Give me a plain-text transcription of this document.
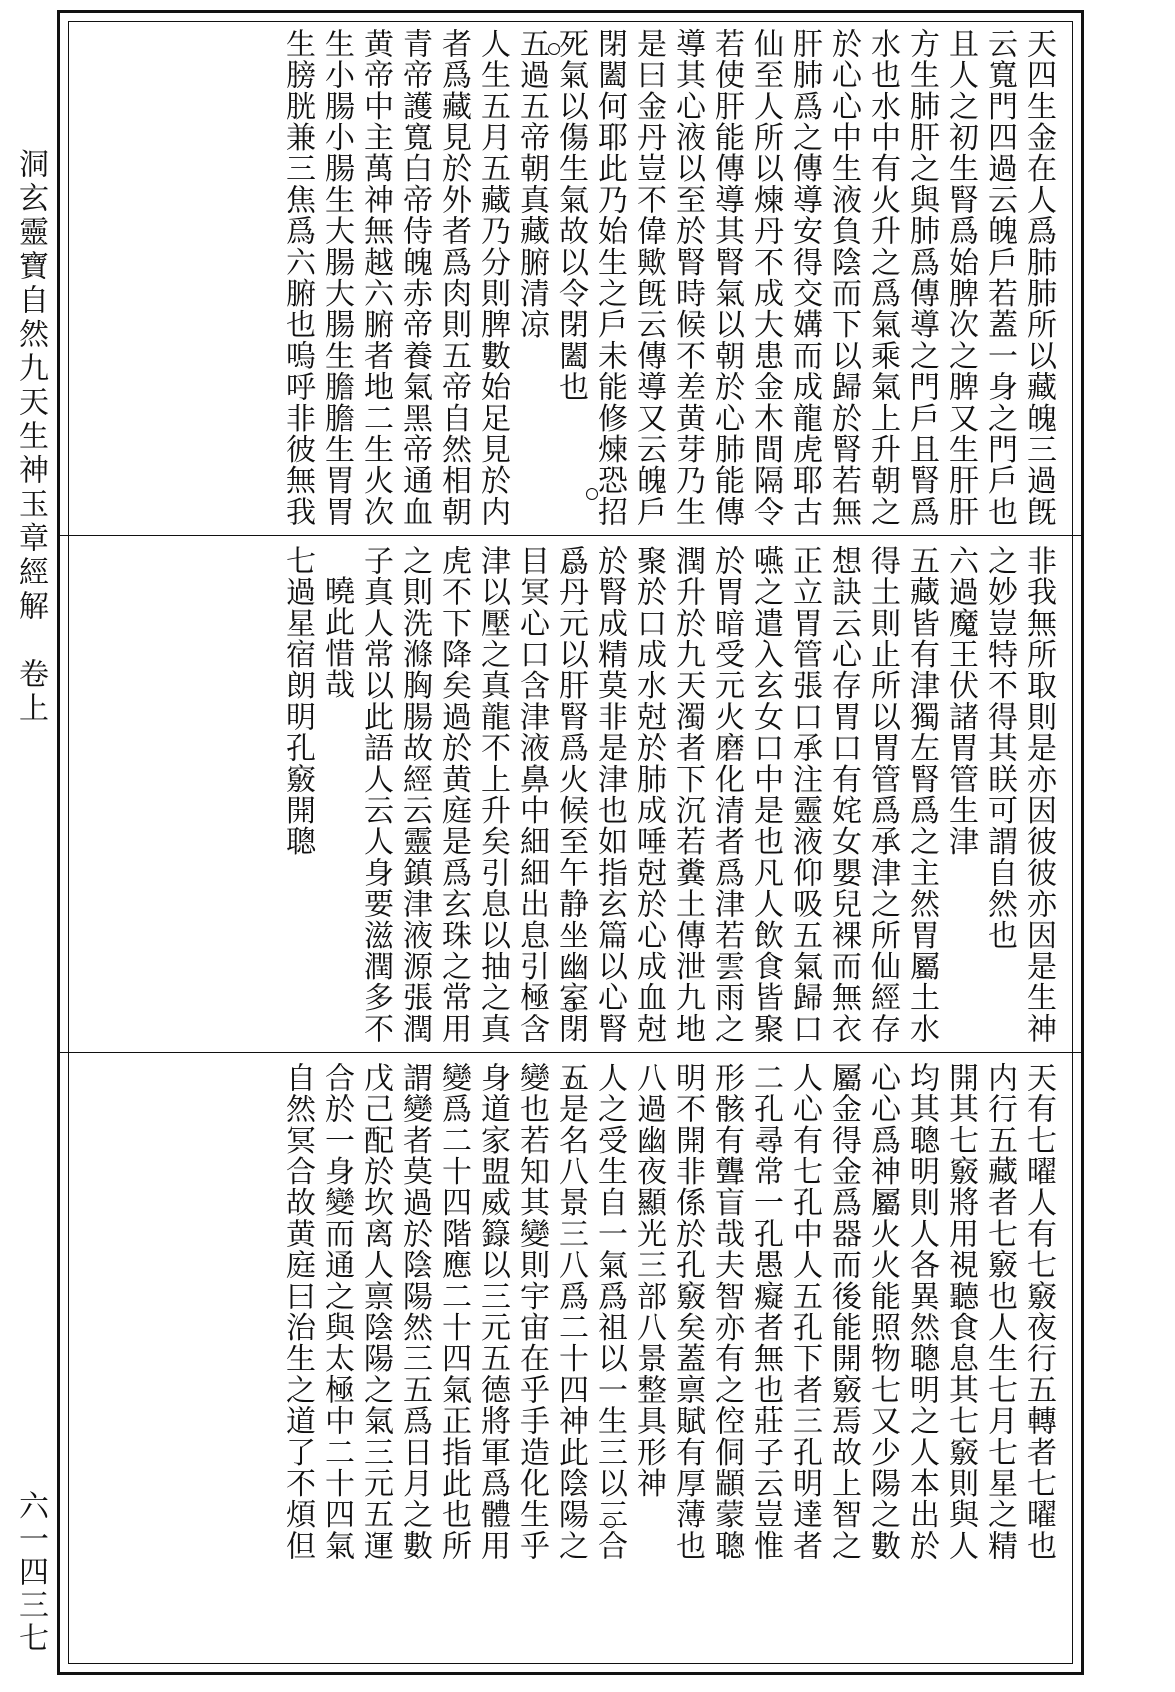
洞玄靈寶自然九天生神玉章經解　卷上
六一四三七
天四生金在人爲肺肺所以藏魄三過旣
云寬門四過云魄戶若蓋一身之門戶也
且人之初生腎爲始脾次之脾又生肝肝
方生肺肝之與肺爲傳導之門戶且腎爲
水也水中有火升之爲氣乘氣上升朝之
於心心中生液負陰而下以歸於腎若無
肝肺爲之傳導安得交媾而成龍虎耶古
仙至人所以煉丹不成大患金木間隔令
若使肝能傳導其腎氣以朝於心肺能傳
導其心液以至於腎時候不差黄芽乃生
是曰金丹豈不偉歟旣云傳導又云魄戶
閉闔何耶此乃始生之戶未能修煉恐招
死氣以傷生氣故以令閉闔也
五過五帝朝真藏腑清凉
人生五月五藏乃分則脾數始足見於内
者爲藏見於外者爲肉則五帝自然相朝
青帝護寬白帝侍魄赤帝養氣黑帝通血
黄帝中主萬神無越六腑者地二生火次
生小腸小腸生大腸大腸生膽膽生胃胃
生膀胱兼三焦爲六腑也嗚呼非彼無我
非我無所取則是亦因彼彼亦因是生神
之妙豈特不得其眹可謂自然也
六過魔王伏諸胃管生津
五藏皆有津獨左腎爲之主然胃屬土水
得土則止所以胃管爲承津之所仙經存
想訣云心存胃口有姹女嬰兒裸而無衣
正立胃管張口承注靈液仰吸五氣歸口
嚥之遣入玄女口中是也凡人飲食皆聚
於胃暗受元火磨化清者爲津若雲雨之
潤升於九天濁者下沉若糞土傳泄九地
聚於口成水尅於肺成唾尅於心成血尅
於腎成精莫非是津也如指玄篇以心腎
爲丹元以肝腎爲火候至午静坐幽室閉
目冥心口含津液鼻中細細出息引極含
津以壓之真龍不上升矣引息以抽之真
虎不下降矣過於黄庭是爲玄珠之常用
之則洗滌胸腸故經云靈鎮津液源張潤
子真人常以此語人云人身要滋潤多不
曉此惜哉
七過星宿朗明孔竅開聰
天有七曜人有七竅夜行五轉者七曜也
内行五藏者七竅也人生七月七星之精
開其七竅將用視聽食息其七竅則與人
均其聰明則人各異然聰明之人本出於
心心爲神屬火火能照物七又少陽之數
屬金得金爲器而後能開竅焉故上智之
人心有七孔中人五孔下者三孔明達者
二孔尋常一孔愚癡者無也莊子云豈惟
形骸有聾盲哉夫智亦有之倥侗顓蒙聰
明不開非係於孔竅矣蓋禀賦有厚薄也
八過幽夜顯光三部八景整具形神
人之受生自一氣爲祖以一生三以三合
五是名八景三八爲二十四神此陰陽之
變也若知其變則宇宙在乎手造化生乎
身道家盟威籙以三元五德將軍爲體用
變爲二十四階應二十四氣正指此也所
謂變者莫過於陰陽然三五爲日月之數
戊己配於坎离人禀陰陽之氣三元五運
合於一身變而通之與太極中二十四氣
自然冥合故黄庭曰治生之道了不煩但
